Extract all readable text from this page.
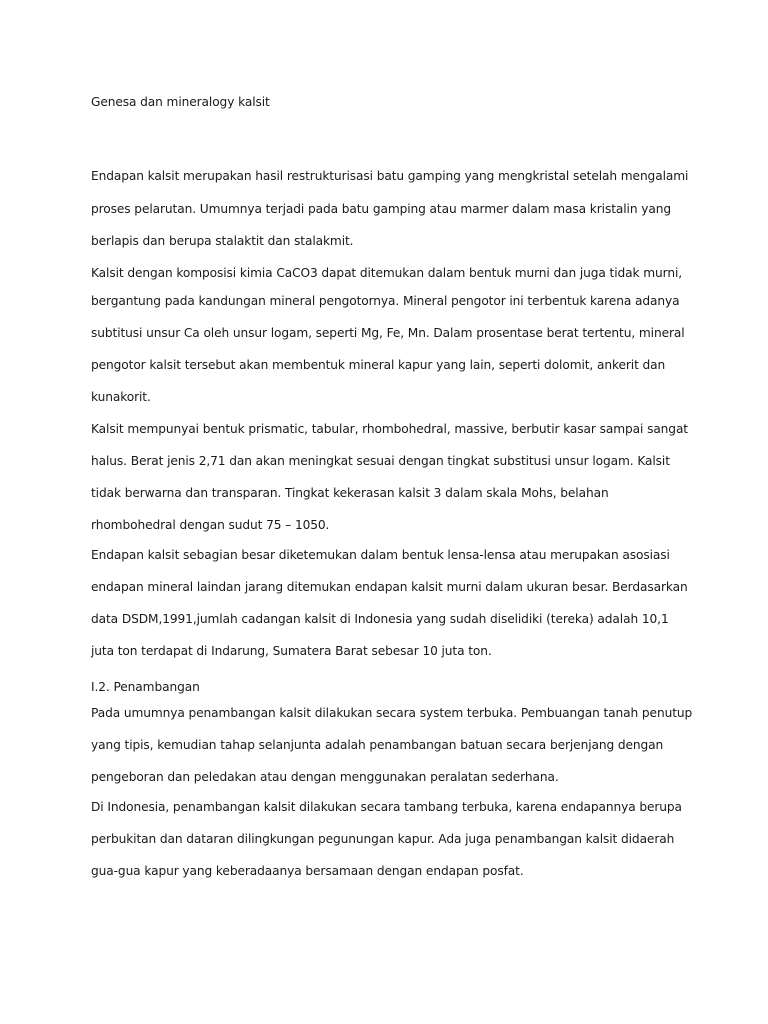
Genesa dan mineralogy kalsit
Endapan kalsit merupakan hasil restrukturisasi batu gamping yang mengkristal setelah mengalami
proses pelarutan. Umumnya terjadi pada batu gamping atau marmer dalam masa kristalin yang
berlapis dan berupa stalaktit dan stalakmit.
Kalsit dengan komposisi kimia CaCO3 dapat ditemukan dalam bentuk murni dan juga tidak murni,
bergantung pada kandungan mineral pengotornya. Mineral pengotor ini terbentuk karena adanya
subtitusi unsur Ca oleh unsur logam, seperti Mg, Fe, Mn. Dalam prosentase berat tertentu, mineral
pengotor kalsit tersebut akan membentuk mineral kapur yang lain, seperti dolomit, ankerit dan
kunakorit.
Kalsit mempunyai bentuk prismatic, tabular, rhombohedral, massive, berbutir kasar sampai sangat
halus. Berat jenis 2,71 dan akan meningkat sesuai dengan tingkat substitusi unsur logam. Kalsit
tidak berwarna dan transparan. Tingkat kekerasan kalsit 3 dalam skala Mohs, belahan
rhombohedral dengan sudut 75 – 1050.
Endapan kalsit sebagian besar diketemukan dalam bentuk lensa-lensa atau merupakan asosiasi
endapan mineral laindan jarang ditemukan endapan kalsit murni dalam ukuran besar. Berdasarkan
data DSDM,1991,jumlah cadangan kalsit di Indonesia yang sudah diselidiki (tereka) adalah 10,1
juta ton terdapat di Indarung, Sumatera Barat sebesar 10 juta ton.
I.2. Penambangan
Pada umumnya penambangan kalsit dilakukan secara system terbuka. Pembuangan tanah penutup
yang tipis, kemudian tahap selanjunta adalah penambangan batuan secara berjenjang dengan
pengeboran dan peledakan atau dengan menggunakan peralatan sederhana.
Di Indonesia, penambangan kalsit dilakukan secara tambang terbuka, karena endapannya berupa
perbukitan dan dataran dilingkungan pegunungan kapur. Ada juga penambangan kalsit didaerah
gua-gua kapur yang keberadaanya bersamaan dengan endapan posfat.
